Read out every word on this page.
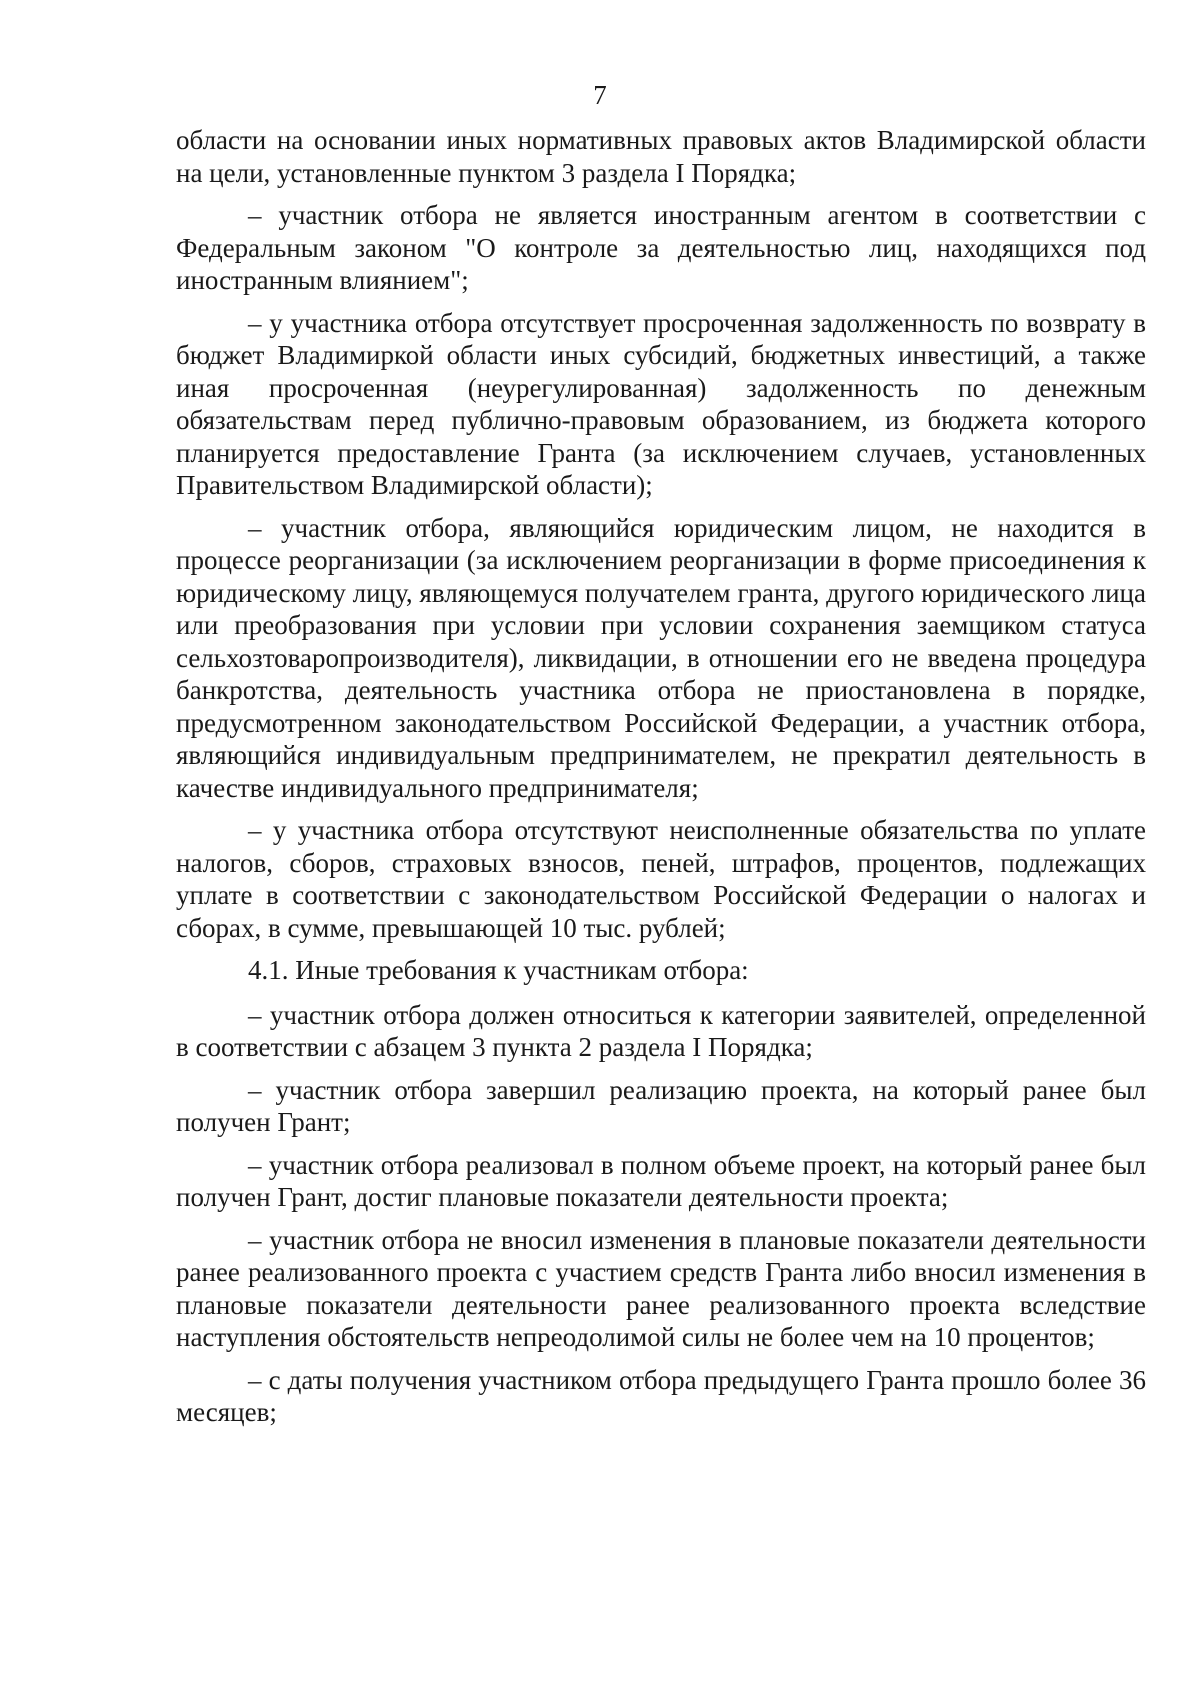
7

области на основании иных нормативных правовых актов Владимирской области на цели, установленные пунктом 3 раздела I Порядка;

– участник отбора не является иностранным агентом в соответствии с Федеральным законом "О контроле за деятельностью лиц, находящихся под иностранным влиянием";

– у участника отбора отсутствует просроченная задолженность по возврату в бюджет Владимиркой области иных субсидий, бюджетных инвестиций, а также иная просроченная (неурегулированная) задолженность по денежным обязательствам перед публично-правовым образованием, из бюджета которого планируется предоставление Гранта (за исключением случаев, установленных Правительством Владимирской области);

– участник отбора, являющийся юридическим лицом, не находится в процессе реорганизации (за исключением реорганизации в форме присоединения к юридическому лицу, являющемуся получателем гранта, другого юридического лица или преобразования при условии при условии сохранения заемщиком статуса сельхозтоваропроизводителя), ликвидации, в отношении его не введена процедура банкротства, деятельность участника отбора не приостановлена в порядке, предусмотренном законодательством Российской Федерации, а участник отбора, являющийся индивидуальным предпринимателем, не прекратил деятельность в качестве индивидуального предпринимателя;

– у участника отбора отсутствуют неисполненные обязательства по уплате налогов, сборов, страховых взносов, пеней, штрафов, процентов, подлежащих уплате в соответствии с законодательством Российской Федерации о налогах и сборах, в сумме, превышающей 10 тыс. рублей;

4.1. Иные требования к участникам отбора:

– участник отбора должен относиться к категории заявителей, определенной в соответствии с абзацем 3 пункта 2 раздела I Порядка;

– участник отбора завершил реализацию проекта, на который ранее был получен Грант;

– участник отбора реализовал в полном объеме проект, на который ранее был получен Грант, достиг плановые показатели деятельности проекта;

– участник отбора не вносил изменения в плановые показатели деятельности ранее реализованного проекта с участием средств Гранта либо вносил изменения в плановые показатели деятельности ранее реализованного проекта вследствие наступления обстоятельств непреодолимой силы не более чем на 10 процентов;

– с даты получения участником отбора предыдущего Гранта прошло более 36 месяцев;
